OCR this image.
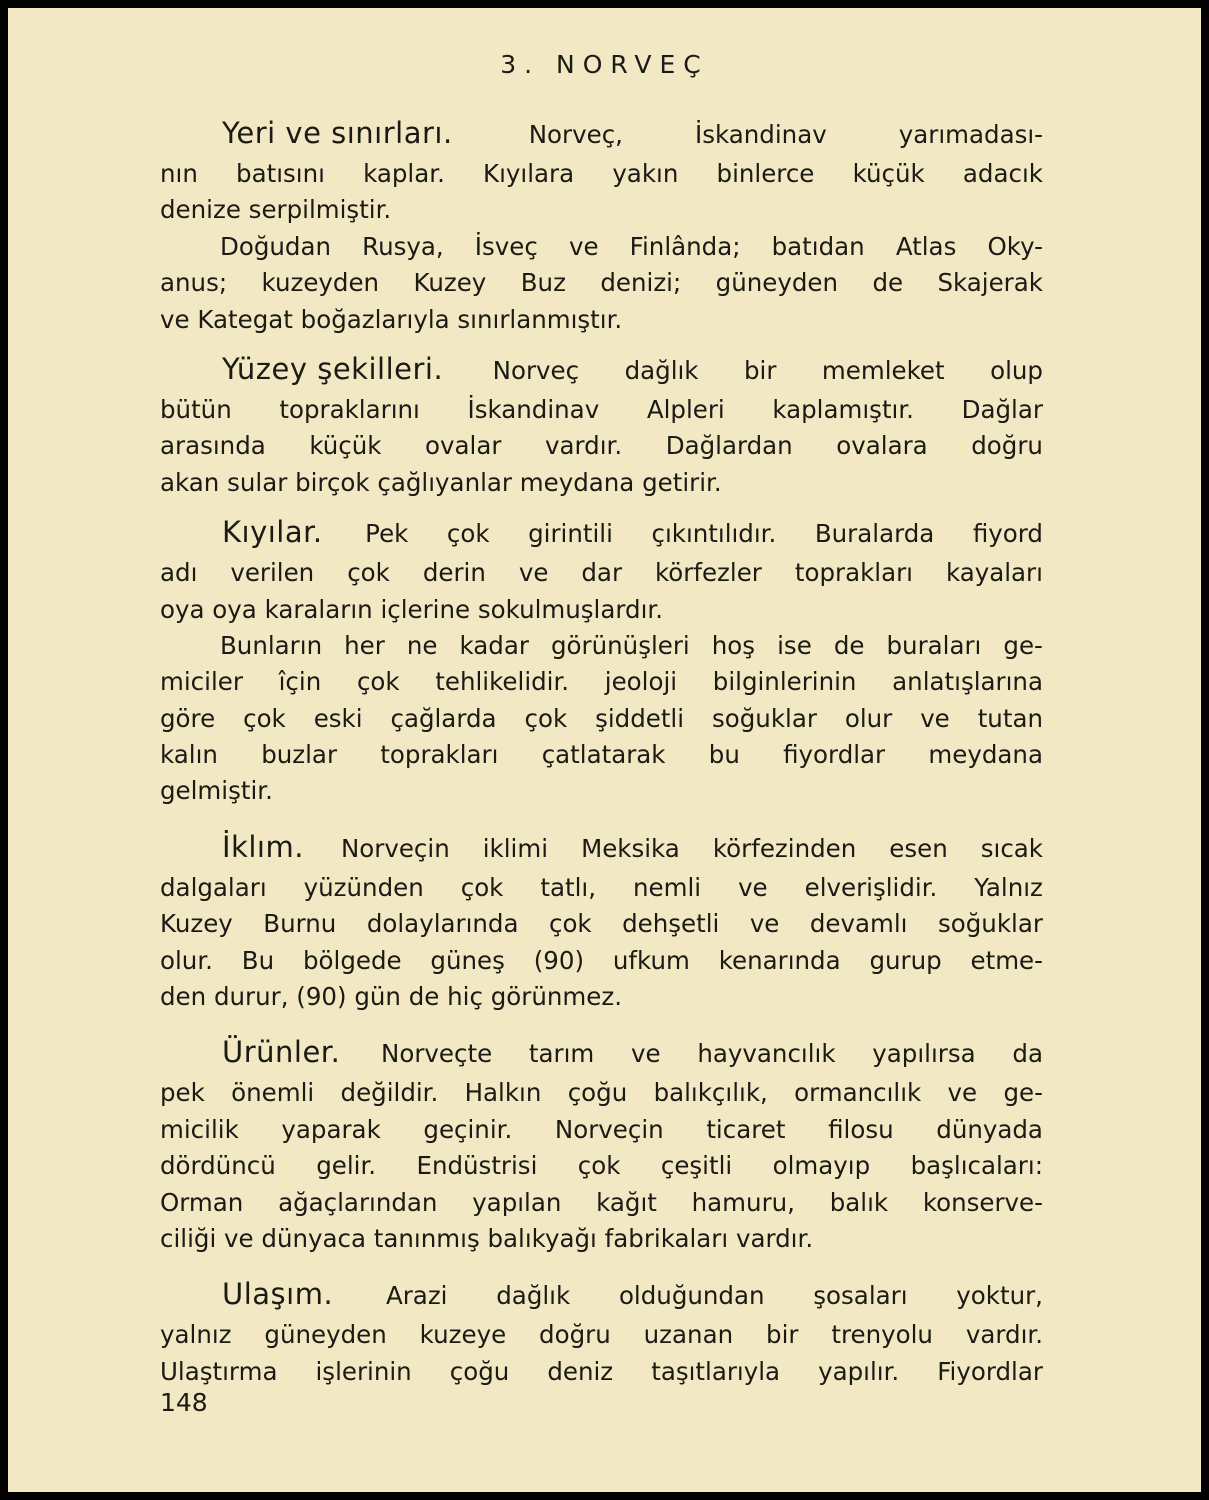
3. NORVEÇ
Yeri ve sınırları.	Norveç,	İskandinav	yarımadası-
nın batısını kaplar. Kıyılara yakın binlerce küçük adacık
denize serpilmiştir.
Doğudan Rusya, İsveç ve Finlânda; batıdan Atlas Oky-
anus; kuzeyden Kuzey Buz denizi; güneyden de Skajerak
ve Kategat boğazlarıyla sınırlanmıştır.
Yüzey şekilleri. Norveç dağlık bir memleket olup
bütün topraklarını İskandinav Alpleri kaplamıştır. Dağlar
arasında küçük ovalar vardır. Dağlardan ovalara doğru
akan sular birçok çağlıyanlar meydana getirir.
Kıyılar. Pek çok girintili çıkıntılıdır. Buralarda fiyord
adı verilen çok derin ve dar körfezler toprakları kayaları
oya oya karaların içlerine sokulmuşlardır.
Bunların her ne kadar görünüşleri hoş ise de buraları ge-
miciler îçin çok tehlikelidir. jeoloji bilginlerinin anlatışlarına
göre çok eski çağlarda çok şiddetli soğuklar olur ve tutan
kalın buzlar toprakları çatlatarak bu fiyordlar meydana
gelmiştir.
İklım. Norveçin iklimi Meksika körfezinden esen sıcak
dalgaları yüzünden çok tatlı, nemli ve elverişlidir. Yalnız
Kuzey Burnu dolaylarında çok dehşetli ve devamlı soğuklar
olur. Bu bölgede güneş (90) ufkum kenarında gurup etme-
den durur, (90) gün de hiç görünmez.
Ürünler. Norveçte tarım ve hayvancılık yapılırsa da
pek önemli değildir. Halkın çoğu balıkçılık, ormancılık ve ge-
micilik yaparak geçinir. Norveçin ticaret filosu dünyada
dördüncü gelir. Endüstrisi çok çeşitli olmayıp başlıcaları:
Orman ağaçlarından yapılan kağıt hamuru, balık konserve-
ciliği ve dünyaca tanınmış balıkyağı fabrikaları vardır.
Ulaşım. Arazi dağlık olduğundan şosaları yoktur,
yalnız güneyden kuzeye doğru uzanan bir trenyolu vardır.
Ulaştırma işlerinin çoğu deniz taşıtlarıyla yapılır. Fiyordlar
148
